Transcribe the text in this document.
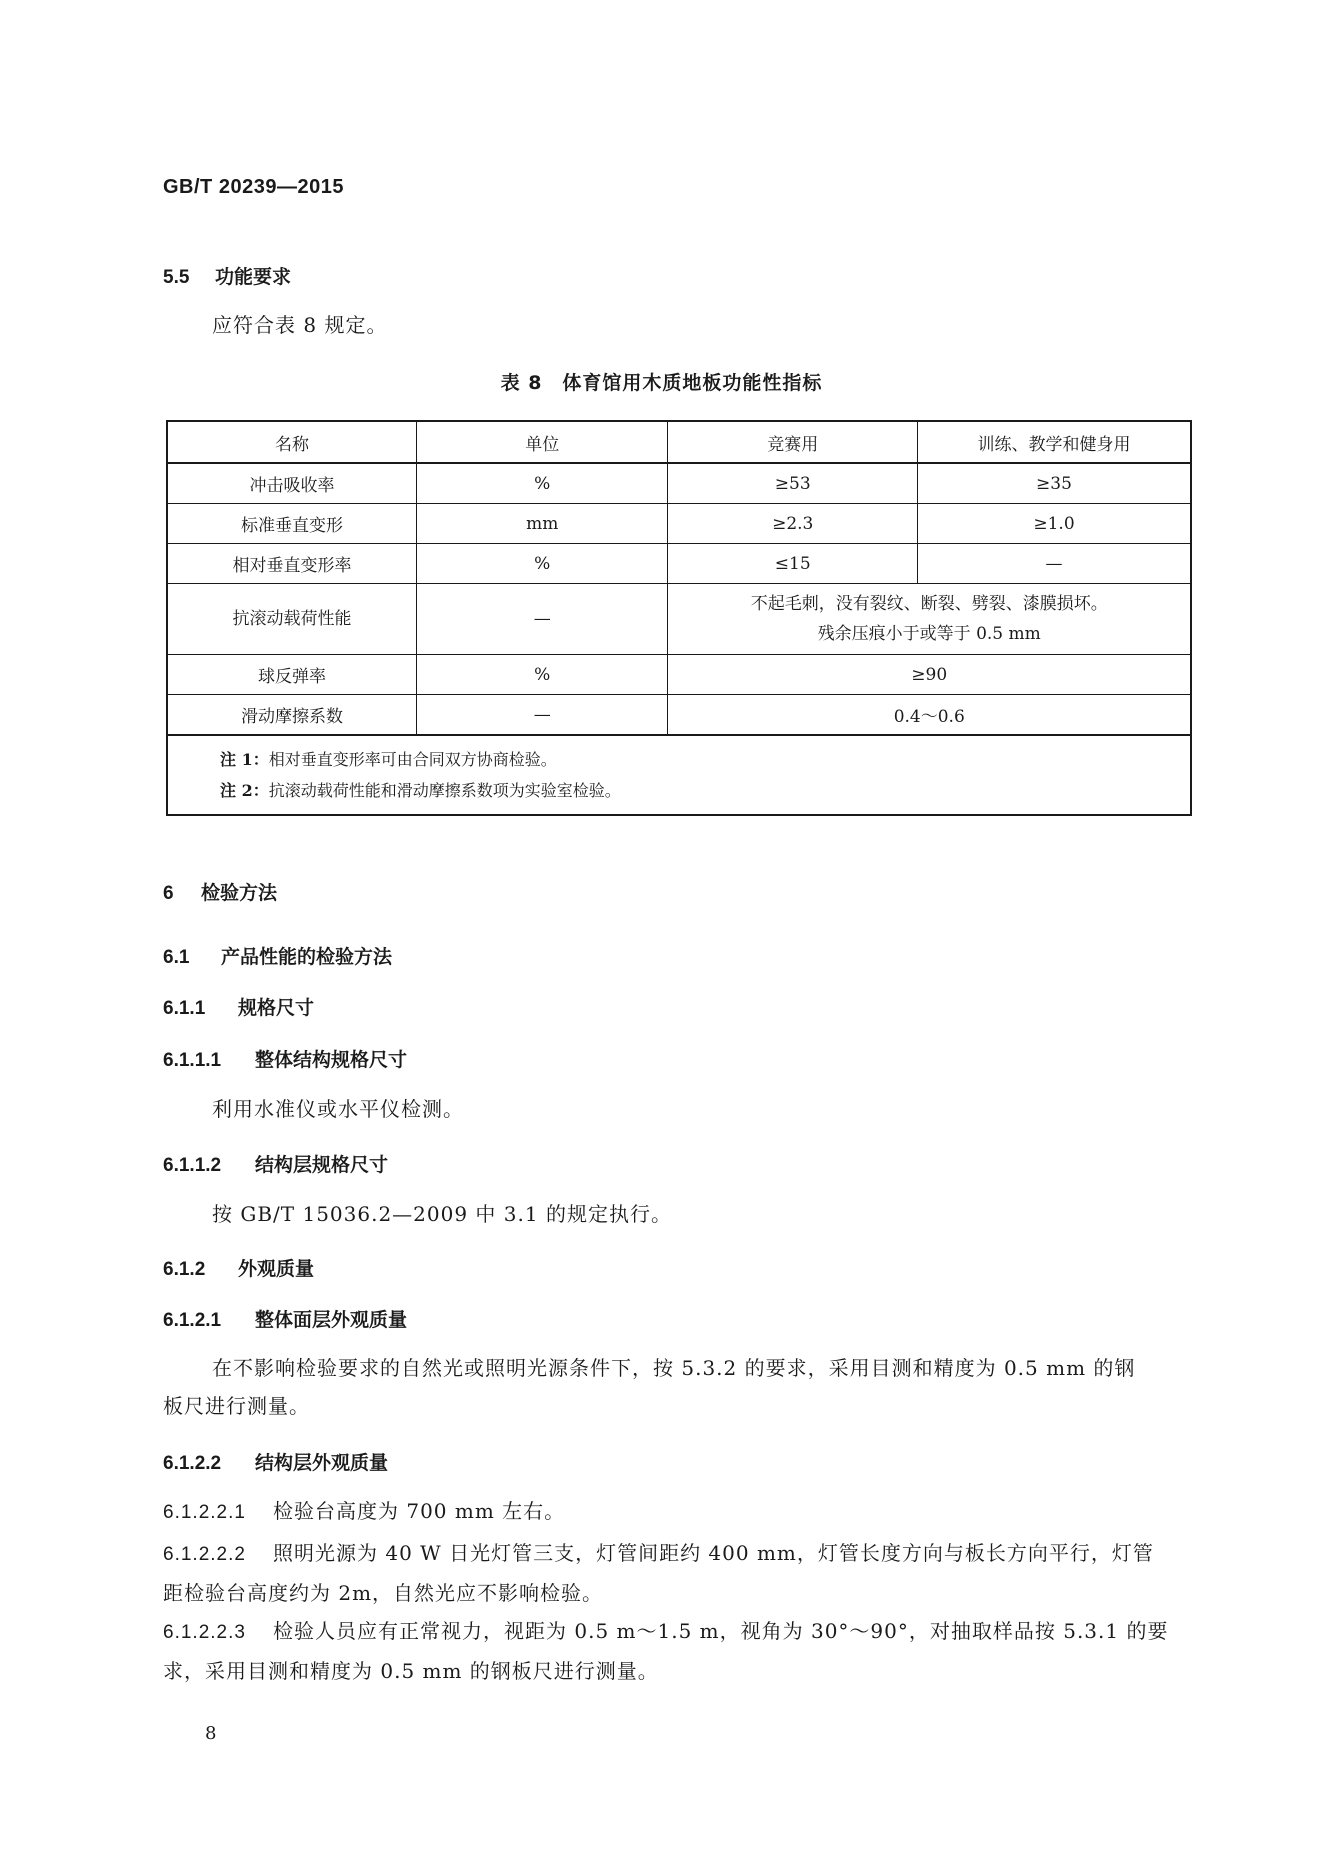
GB/T 20239—2015
5.5 功能要求
应符合表 8 规定。
表 8　体育馆用木质地板功能性指标
名称	单位	竞赛用	训练、教学和健身用
冲击吸收率	%	≥53	≥35
标准垂直变形	mm	≥2.3	≥1.0
相对垂直变形率	%	≤15	—
抗滚动载荷性能	—	不起毛刺，没有裂纹、断裂、劈裂、漆膜损坏。
残余压痕小于或等于 0.5 mm	

球反弹率	%	≥90	
滑动摩擦系数	—	0.4～0.6	

注 1：相对垂直变形率可由合同双方协商检验。
注 2：抗滚动载荷性能和滑动摩擦系数项为实验室检验。			
6 检验方法
6.1 产品性能的检验方法
6.1.1 规格尺寸
6.1.1.1 整体结构规格尺寸
利用水准仪或水平仪检测。
6.1.1.2 结构层规格尺寸
按 GB/T 15036.2—2009 中 3.1 的规定执行。
6.1.2 外观质量
6.1.2.1 整体面层外观质量
在不影响检验要求的自然光或照明光源条件下，按 5.3.2 的要求，采用目测和精度为 0.5 mm 的钢
板尺进行测量。
6.1.2.2 结构层外观质量
6.1.2.2.1 检验台高度为 700 mm 左右。
6.1.2.2.2 照明光源为 40 W 日光灯管三支，灯管间距约 400 mm，灯管长度方向与板长方向平行，灯管
距检验台高度约为 2m，自然光应不影响检验。
6.1.2.2.3 检验人员应有正常视力，视距为 0.5 m～1.5 m，视角为 30°～90°，对抽取样品按 5.3.1 的要
求，采用目测和精度为 0.5 mm 的钢板尺进行测量。
8
